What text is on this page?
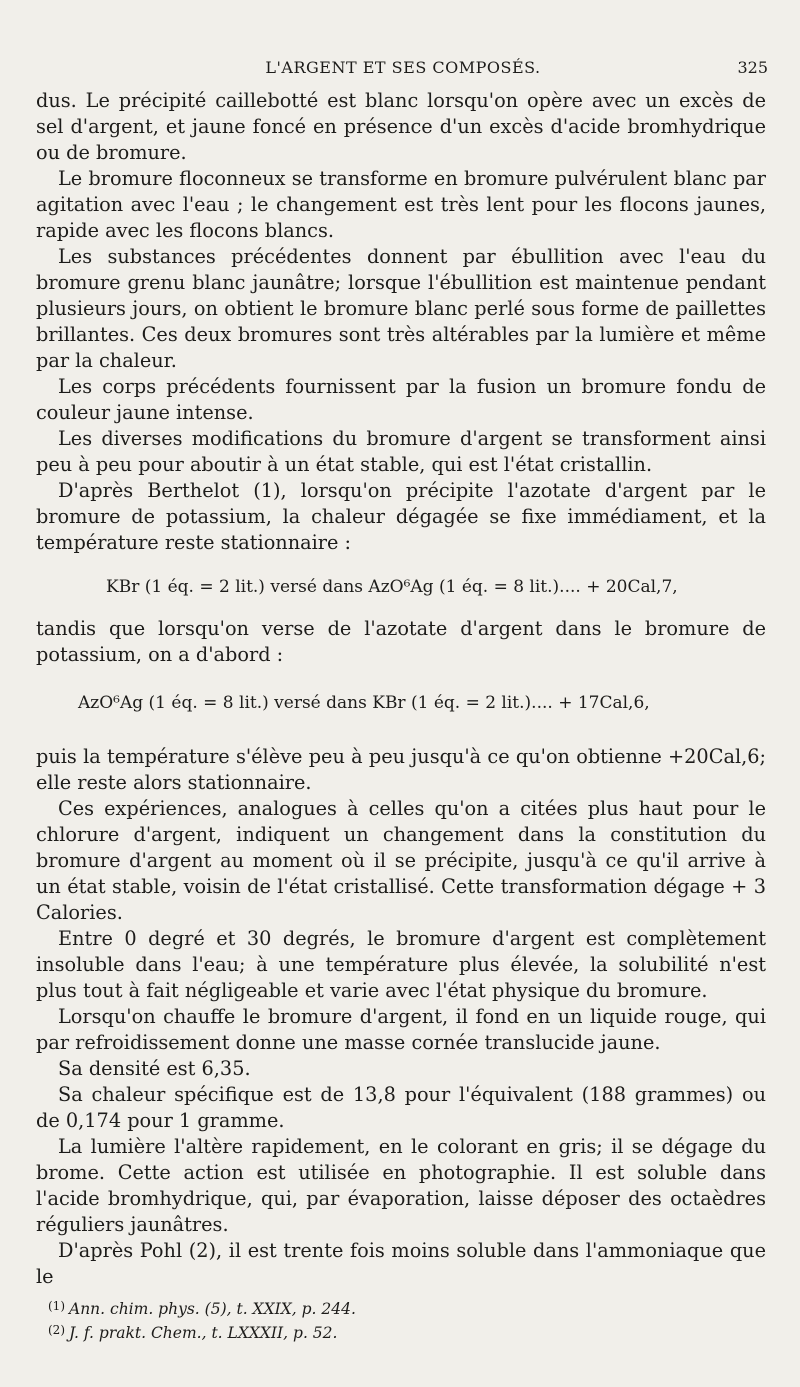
L'ARGENT ET SES COMPOSÉS.	325

dus. Le précipité caillebotté est blanc lorsqu'on opère avec un excès de sel d'argent, et jaune foncé en présence d'un excès d'acide bromhydrique ou de bromure.

Le bromure floconneux se transforme en bromure pulvérulent blanc par agitation avec l'eau ; le changement est très lent pour les flocons jaunes, rapide avec les flocons blancs.

Les substances précédentes donnent par ébullition avec l'eau du bromure grenu blanc jaunâtre; lorsque l'ébullition est maintenue pendant plusieurs jours, on obtient le bromure blanc perlé sous forme de paillettes brillantes. Ces deux bromures sont très altérables par la lumière et même par la chaleur.

Les corps précédents fournissent par la fusion un bromure fondu de couleur jaune intense.

Les diverses modifications du bromure d'argent se transforment ainsi peu à peu pour aboutir à un état stable, qui est l'état cristallin.

D'après Berthelot (1), lorsqu'on précipite l'azotate d'argent par le bromure de potassium, la chaleur dégagée se fixe immédiament, et la température reste stationnaire :

KBr (1 éq. = 2 lit.) versé dans AzO⁶Ag (1 éq. = 8 lit.).... + 20Cal,7,

tandis que lorsqu'on verse de l'azotate d'argent dans le bromure de potassium, on a d'abord :

AzO⁶Ag (1 éq. = 8 lit.) versé dans KBr (1 éq. = 2 lit.).... + 17Cal,6,

puis la température s'élève peu à peu jusqu'à ce qu'on obtienne +20Cal,6; elle reste alors stationnaire.

Ces expériences, analogues à celles qu'on a citées plus haut pour le chlorure d'argent, indiquent un changement dans la constitution du bromure d'argent au moment où il se précipite, jusqu'à ce qu'il arrive à un état stable, voisin de l'état cristallisé. Cette transformation dégage + 3 Calories.

Entre 0 degré et 30 degrés, le bromure d'argent est complètement insoluble dans l'eau; à une température plus élevée, la solubilité n'est plus tout à fait négligeable et varie avec l'état physique du bromure.

Lorsqu'on chauffe le bromure d'argent, il fond en un liquide rouge, qui par refroidissement donne une masse cornée translucide jaune.

Sa densité est 6,35.

Sa chaleur spécifique est de 13,8 pour l'équivalent (188 grammes) ou de 0,174 pour 1 gramme.

La lumière l'altère rapidement, en le colorant en gris; il se dégage du brome. Cette action est utilisée en photographie. Il est soluble dans l'acide bromhydrique, qui, par évaporation, laisse déposer des octaèdres réguliers jaunâtres.

D'après Pohl (2), il est trente fois moins soluble dans l'ammoniaque que le

$^{(1)}$ Ann. chim. phys. (5), t. XXIX, p. 244.

$^{(2)}$ J. f. prakt. Chem., t. LXXXII, p. 52.
